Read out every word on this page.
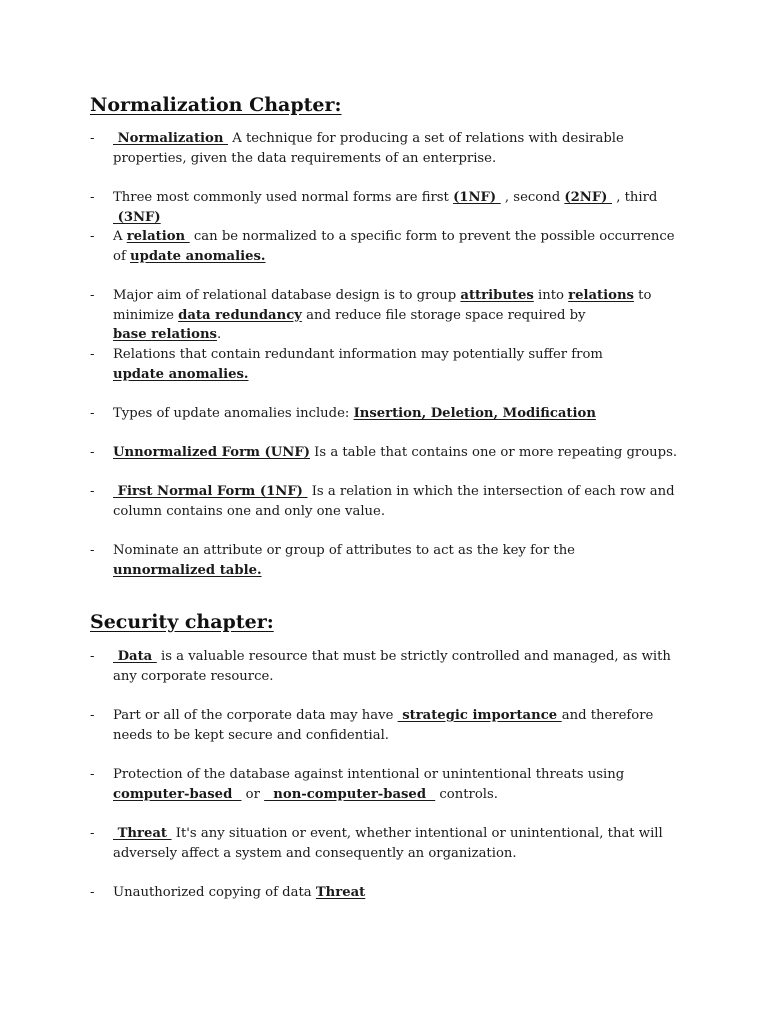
Normalization Chapter:
- Normalization  A technique for producing a set of relations with desirable properties, given the data requirements of an enterprise.
- Three most commonly used normal forms are first (1NF)  , second (2NF)  , third  (3NF)
- A relation  can be normalized to a specific form to prevent the possible occurrence of update anomalies.
- Major aim of relational database design is to group attributes into relations to minimize data redundancy and reduce file storage space required by base relations.
- Relations that contain redundant information may potentially suffer from update anomalies.
- Types of update anomalies include: Insertion, Deletion, Modification
- Unnormalized Form (UNF) Is a table that contains one or more repeating groups.
- First Normal Form (1NF)  Is a relation in which the intersection of each row and column contains one and only one value.
- Nominate an attribute or group of attributes to act as the key for the unnormalized table.
Security chapter:
- Data  is a valuable resource that must be strictly controlled and managed, as with any corporate resource.
- Part or all of the corporate data may have  strategic importance and therefore needs to be kept secure and confidential.
- Protection of the database against intentional or unintentional threats using computer-based   or   non-computer-based   controls.
- Threat  It's any situation or event, whether intentional or unintentional, that will adversely affect a system and consequently an organization.
- Unauthorized copying of data Threat
